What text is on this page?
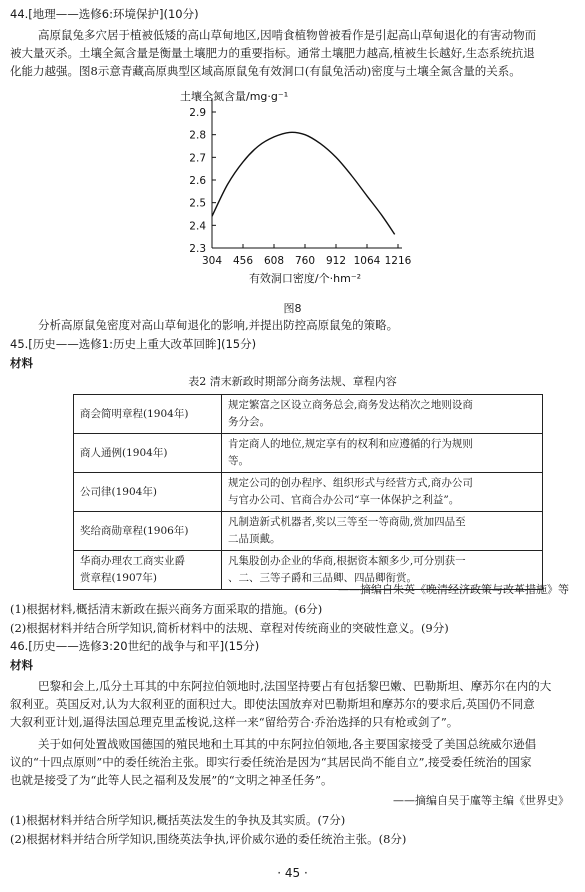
44.[地理——选修6:环境保护](10分)
高原鼠兔多穴居于植被低矮的高山草甸地区,因啃食植物曾被看作是引起高山草甸退化的有害动物而
被大量灭杀。土壤全氮含量是衡量土壤肥力的重要指标。通常土壤肥力越高,植被生长越好,生态系统抗退
化能力越强。图8示意青藏高原典型区域高原鼠兔有效洞口(有鼠兔活动)密度与土壤全氮含量的关系。
2.3
2.4
2.5
2.6
2.7
2.8
2.9
304 456 608 760 912 1064 1216
土壤全氮含量/mg·g⁻¹
有效洞口密度/个·hm⁻²
图8
分析高原鼠兔密度对高山草甸退化的影响,并提出防控高原鼠兔的策略。
45.[历史——选修1:历史上重大改革回眸](15分)
材料
表2 清末新政时期部分商务法规、章程内容
商会简明章程(1904年)	规定繁富之区设立商务总会,商务发达稍次之地则设商
务分会。
商人通例(1904年)	肯定商人的地位,规定享有的权利和应遵循的行为规则
等。
公司律(1904年)	规定公司的创办程序、组织形式与经营方式,商办公司
与官办公司、官商合办公司“享一体保护之利益”。
奖给商勋章程(1906年)	凡制造新式机器者,奖以三等至一等商勋,赏加四品至
二品顶戴。
华商办理农工商实业爵
赏章程(1907年)	凡集股创办企业的华商,根据资本额多少,可分别获一
、二、三等子爵和三品卿、四品卿衔赏。
——摘编自朱英《晚清经济政策与改革措施》等
(1)根据材料,概括清末新政在振兴商务方面采取的措施。(6分)
(2)根据材料并结合所学知识,简析材料中的法规、章程对传统商业的突破性意义。(9分)
46.[历史——选修3:20世纪的战争与和平](15分)
材料
巴黎和会上,瓜分土耳其的中东阿拉伯领地时,法国坚持要占有包括黎巴嫩、巴勒斯坦、摩苏尔在内的大
叙利亚。英国反对,认为大叙利亚的面积过大。即使法国放弃对巴勒斯坦和摩苏尔的要求后,英国仍不同意
大叙利亚计划,逼得法国总理克里孟梭说,这样一来“留给劳合·乔治选择的只有枪或剑了”。
关于如何处置战败国德国的殖民地和土耳其的中东阿拉伯领地,各主要国家接受了美国总统威尔逊倡
议的“十四点原则”中的委任统治主张。即实行委任统治是因为“其居民尚不能自立”,接受委任统治的国家
也就是接受了为“此等人民之福利及发展”的“文明之神圣任务”。
——摘编自吴于廑等主编《世界史》
(1)根据材料并结合所学知识,概括英法发生的争执及其实质。(7分)
(2)根据材料并结合所学知识,围绕英法争执,评价威尔逊的委任统治主张。(8分)
· 45 ·
